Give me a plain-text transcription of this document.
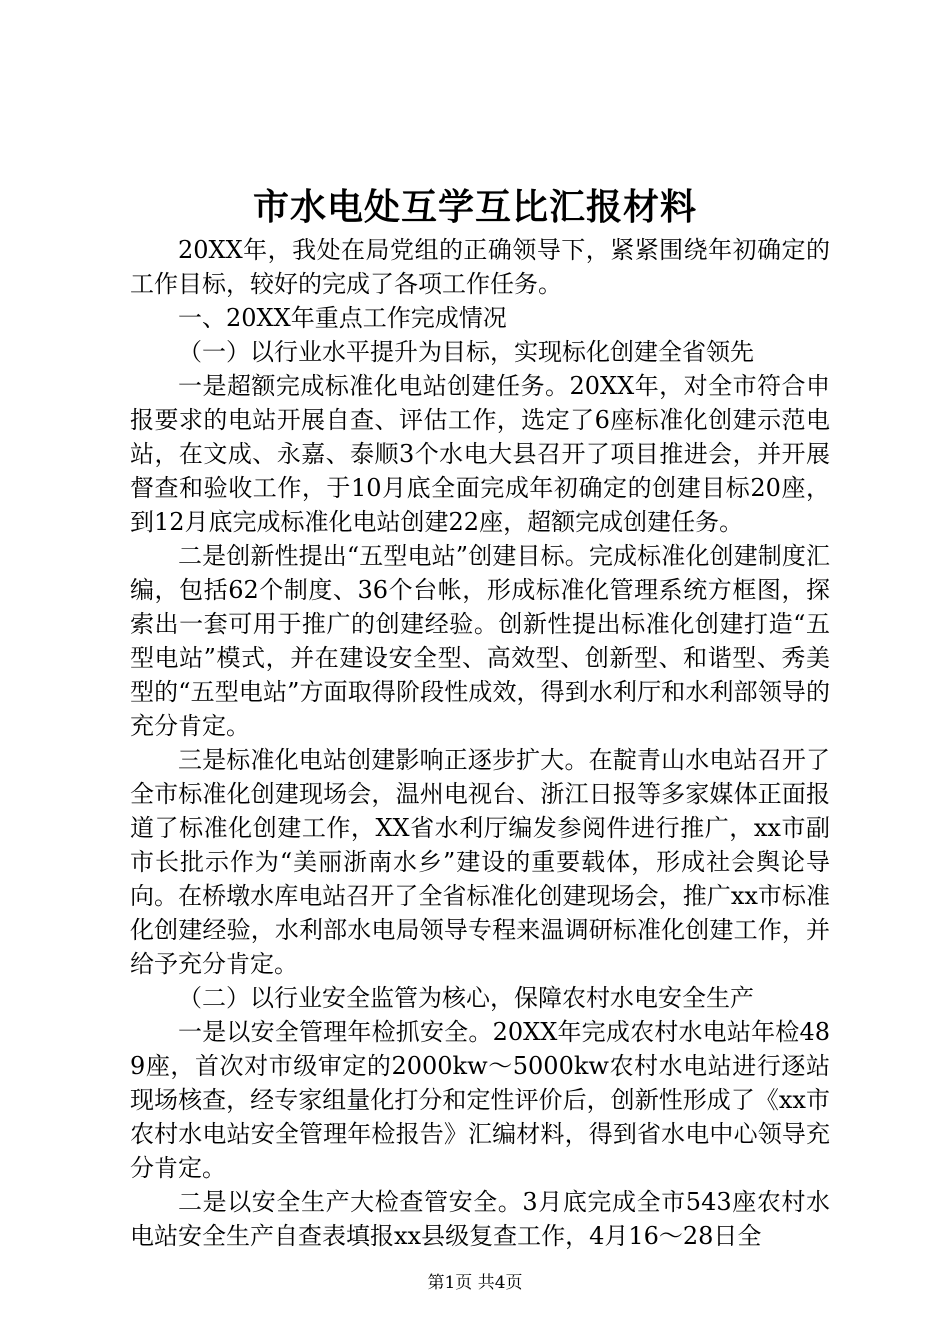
市水电处互学互比汇报材料

20XX年，我处在局党组的正确领导下，紧紧围绕年初确定的工作目标，较好的完成了各项工作任务。

一、20XX年重点工作完成情况

（一）以行业水平提升为目标，实现标化创建全省领先

一是超额完成标准化电站创建任务。20XX年，对全市符合申报要求的电站开展自查、评估工作，选定了6座标准化创建示范电站，在文成、永嘉、泰顺3个水电大县召开了项目推进会，并开展督查和验收工作，于10月底全面完成年初确定的创建目标20座，到12月底完成标准化电站创建22座，超额完成创建任务。

二是创新性提出“五型电站”创建目标。完成标准化创建制度汇编，包括62个制度、36个台帐，形成标准化管理系统方框图，探索出一套可用于推广的创建经验。创新性提出标准化创建打造“五型电站”模式，并在建设安全型、高效型、创新型、和谐型、秀美型的“五型电站”方面取得阶段性成效，得到水利厅和水利部领导的充分肯定。

三是标准化电站创建影响正逐步扩大。在靛青山水电站召开了全市标准化创建现场会，温州电视台、浙江日报等多家媒体正面报道了标准化创建工作，XX省水利厅编发参阅件进行推广，xx市副市长批示作为“美丽浙南水乡”建设的重要载体，形成社会舆论导向。在桥墩水库电站召开了全省标准化创建现场会，推广xx市标准化创建经验，水利部水电局领导专程来温调研标准化创建工作，并给予充分肯定。

（二）以行业安全监管为核心，保障农村水电安全生产

一是以安全管理年检抓安全。20XX年完成农村水电站年检489座，首次对市级审定的2000kw～5000kw农村水电站进行逐站现场核查，经专家组量化打分和定性评价后，创新性形成了《xx市农村水电站安全管理年检报告》汇编材料，得到省水电中心领导充分肯定。

二是以安全生产大检查管安全。3月底完成全市543座农村水电站安全生产自查表填报xx县级复查工作，4月16～28日全

第1页 共4页
